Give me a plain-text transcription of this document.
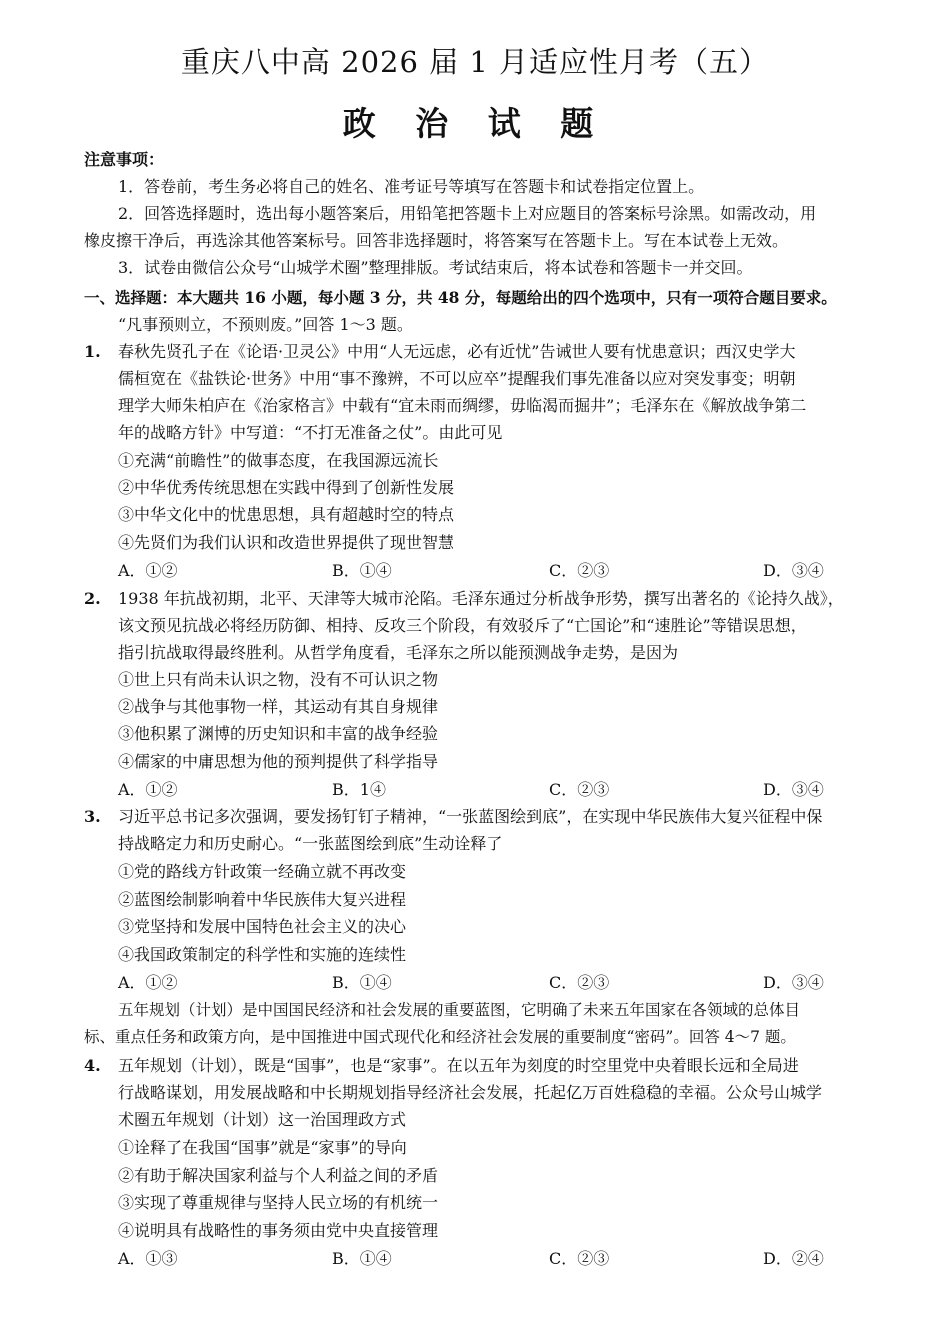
重庆八中高 2026 届 1 月适应性月考（五）
政 治 试 题
注意事项：
1．答卷前，考生务必将自己的姓名、准考证号等填写在答题卡和试卷指定位置上。
2．回答选择题时，选出每小题答案后，用铅笔把答题卡上对应题目的答案标号涂黑。如需改动，用
橡皮擦干净后，再选涂其他答案标号。回答非选择题时，将答案写在答题卡上。写在本试卷上无效。
3．试卷由微信公众号“山城学术圈”整理排版。考试结束后，将本试卷和答题卡一并交回。
一、选择题：本大题共 16 小题，每小题 3 分，共 48 分，每题给出的四个选项中，只有一项符合题目要求。
“凡事预则立，不预则废。”回答 1～3 题。
1. 春秋先贤孔子在《论语·卫灵公》中用“人无远虑，必有近忧”告诫世人要有忧患意识；西汉史学大
儒桓宽在《盐铁论·世务》中用“事不豫辨，不可以应卒”提醒我们事先准备以应对突发事变；明朝
理学大师朱柏庐在《治家格言》中载有“宜未雨而绸缪，毋临渴而掘井”；毛泽东在《解放战争第二
年的战略方针》中写道：“不打无准备之仗”。由此可见
①充满“前瞻性”的做事态度，在我国源远流长
②中华优秀传统思想在实践中得到了创新性发展
③中华文化中的忧患思想，具有超越时空的特点
④先贤们为我们认识和改造世界提供了现世智慧
A．①②	B．①④	C．②③	D．③④
2. 1938 年抗战初期，北平、天津等大城市沦陷。毛泽东通过分析战争形势，撰写出著名的《论持久战》，
该文预见抗战必将经历防御、相持、反攻三个阶段，有效驳斥了“亡国论”和“速胜论”等错误思想，
指引抗战取得最终胜利。从哲学角度看，毛泽东之所以能预测战争走势，是因为
①世上只有尚未认识之物，没有不可认识之物
②战争与其他事物一样，其运动有其自身规律
③他积累了渊博的历史知识和丰富的战争经验
④儒家的中庸思想为他的预判提供了科学指导
A．①②	B．1④	C．②③	D．③④
3. 习近平总书记多次强调，要发扬钉钉子精神，“一张蓝图绘到底”，在实现中华民族伟大复兴征程中保
持战略定力和历史耐心。“一张蓝图绘到底”生动诠释了
①党的路线方针政策一经确立就不再改变
②蓝图绘制影响着中华民族伟大复兴进程
③党坚持和发展中国特色社会主义的决心
④我国政策制定的科学性和实施的连续性
A．①②	B．①④	C．②③	D．③④
五年规划（计划）是中国国民经济和社会发展的重要蓝图，它明确了未来五年国家在各领域的总体目
标、重点任务和政策方向，是中国推进中国式现代化和经济社会发展的重要制度“密码”。回答 4～7 题。
4. 五年规划（计划），既是“国事”，也是“家事”。在以五年为刻度的时空里党中央着眼长远和全局进
行战略谋划，用发展战略和中长期规划指导经济社会发展，托起亿万百姓稳稳的幸福。公众号山城学
术圈五年规划（计划）这一治国理政方式
①诠释了在我国“国事”就是“家事”的导向
②有助于解决国家利益与个人利益之间的矛盾
③实现了尊重规律与坚持人民立场的有机统一
④说明具有战略性的事务须由党中央直接管理
A．①③	B．①④	C．②③	D．②④
